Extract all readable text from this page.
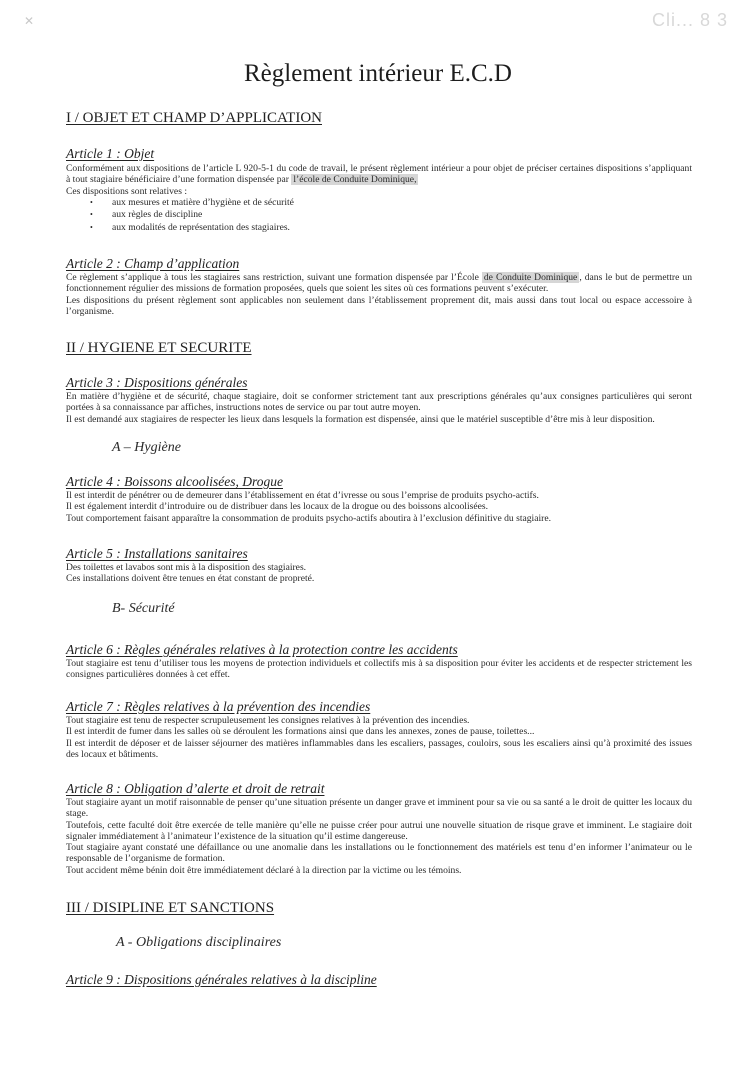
Cli... 8 3
✕
Règlement intérieur E.C.D
I / OBJET ET CHAMP D’APPLICATION
Article 1 : Objet

Conformément aux dispositions de l’article L 920-5-1 du code de travail, le présent règlement intérieur a pour objet de préciser certaines dispositions s’appliquant à tout stagiaire bénéficiaire d’une formation dispensée par l’école de Conduite Dominique,

Ces dispositions sont relatives :

• aux mesures et matière d’hygiène et de sécurité
• aux règles de discipline
• aux modalités de représentation des stagiaires.
Article 2 : Champ d’application

Ce règlement s’applique à tous les stagiaires sans restriction, suivant une formation dispensée par l’École de Conduite Dominique , dans le but de permettre un fonctionnement régulier des missions de formation proposées, quels que soient les sites où ces formations peuvent s’exécuter.

Les dispositions du présent règlement sont applicables non seulement dans l’établissement proprement dit, mais aussi dans tout local ou espace accessoire à l’organisme.

II / HYGIENE ET SECURITE
Article 3 : Dispositions générales

En matière d’hygiène et de sécurité, chaque stagiaire, doit se conformer strictement tant aux prescriptions générales qu’aux consignes particulières qui seront portées à sa connaissance par affiches, instructions notes de service ou par tout autre moyen.

Il est demandé aux stagiaires de respecter les lieux dans lesquels la formation est dispensée, ainsi que le matériel susceptible d’être mis à leur disposition.

A – Hygiène
Article 4 : Boissons alcoolisées, Drogue

Il est interdit de pénétrer ou de demeurer dans l’établissement en état d’ivresse ou sous l’emprise de produits psycho-actifs.

Il est également interdit d’introduire ou de distribuer dans les locaux de la drogue ou des boissons alcoolisées.

Tout comportement faisant apparaître la consommation de produits psycho-actifs aboutira à l’exclusion définitive du stagiaire.

Article 5 : Installations sanitaires

Des toilettes et lavabos sont mis à la disposition des stagiaires.

Ces installations doivent être tenues en état constant de propreté.

B- Sécurité
Article 6 : Règles générales relatives à la protection contre les accidents

Tout stagiaire est tenu d’utiliser tous les moyens de protection individuels et collectifs mis à sa disposition pour éviter les accidents et de respecter strictement les consignes particulières données à cet effet.

Article 7 : Règles relatives à la prévention des incendies

Tout stagiaire est tenu de respecter scrupuleusement les consignes relatives à la prévention des incendies.

Il est interdit de fumer dans les salles où se déroulent les formations ainsi que dans les annexes, zones de pause, toilettes...

Il est interdit de déposer et de laisser séjourner des matières inflammables dans les escaliers, passages, couloirs, sous les escaliers ainsi qu’à proximité des issues des locaux et bâtiments.

Article 8 : Obligation d’alerte et droit de retrait

Tout stagiaire ayant un motif raisonnable de penser qu’une situation présente un danger grave et imminent pour sa vie ou sa santé a le droit de quitter les locaux du stage.

Toutefois, cette faculté doit être exercée de telle manière qu’elle ne puisse créer pour autrui une nouvelle situation de risque grave et imminent. Le stagiaire doit signaler immédiatement à l’animateur l’existence de la situation qu’il estime dangereuse.

Tout stagiaire ayant constaté une défaillance ou une anomalie dans les installations ou le fonctionnement des matériels est tenu d’en informer l’animateur ou le responsable de l’organisme de formation.

Tout accident même bénin doit être immédiatement déclaré à la direction par la victime ou les témoins.

III / DISIPLINE ET SANCTIONS
A - Obligations disciplinaires
Article 9 : Dispositions générales relatives à la discipline
